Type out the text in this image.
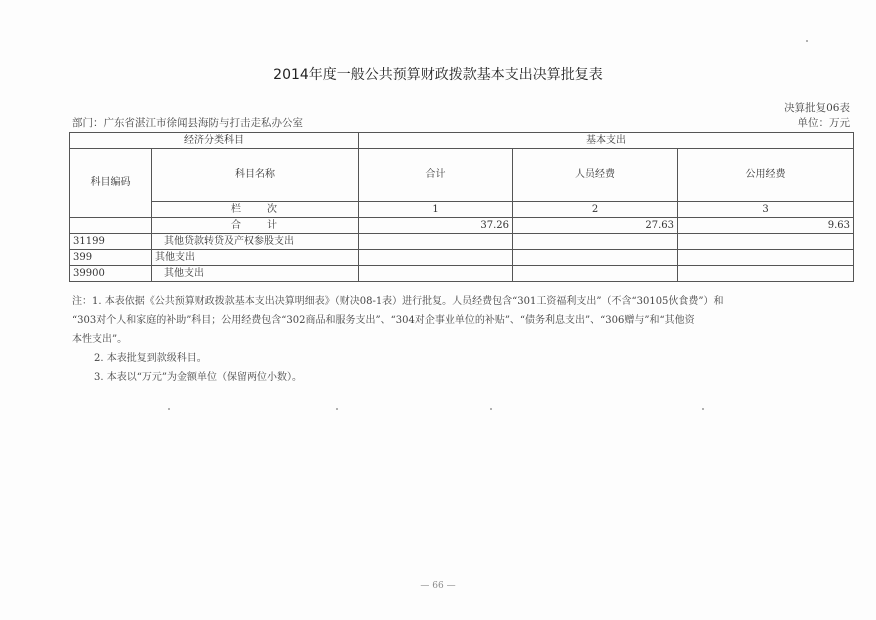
2014年度一般公共预算财政拨款基本支出决算批复表
决算批复06表
部门：广东省湛江市徐闻县海防与打击走私办公室	单位：万元
经济分类科目		基本支出		
科目编码	科目名称	合计	人员经费	公用经费

	栏　　次	1	2	3
	合　　计	37.26	27.63	9.63
31199	其他贷款转贷及产权参股支出			
399	其他支出			
39900	其他支出			

注：1. 本表依据《公共预算财政拨款基本支出决算明细表》（财决08-1表）进行批复。人员经费包含“301工资福利支出”（不含“30105伙食费”）和

“303对个人和家庭的补助”科目；公用经费包含“302商品和服务支出”、“304对企事业单位的补贴”、“债务利息支出”、“306赠与”和“其他资

本性支出”。

2. 本表批复到款级科目。

3. 本表以“万元”为金额单位（保留两位小数）。

— 66 —
